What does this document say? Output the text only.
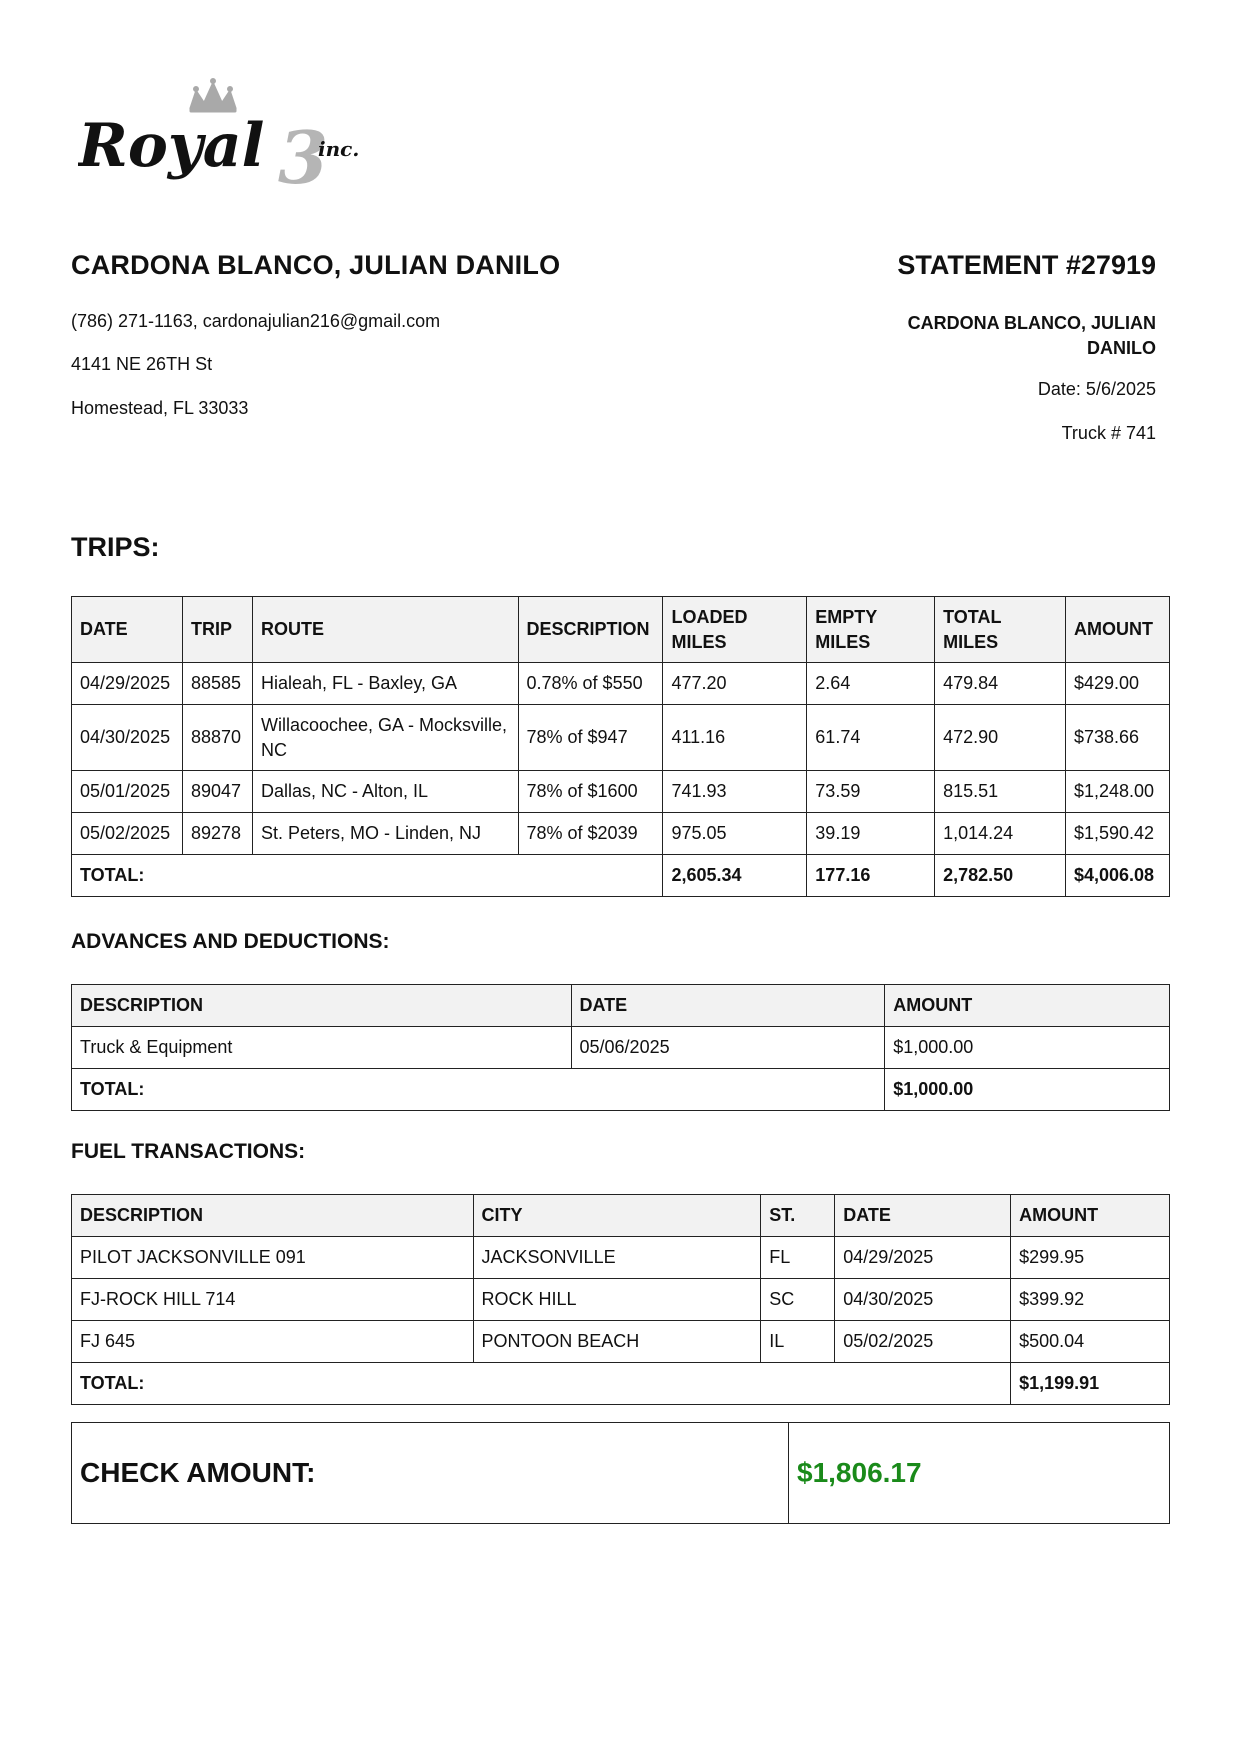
Royal 3
inc.
CARDONA BLANCO, JULIAN DANILO
(786) 271-1163, cardonajulian216@gmail.com
4141 NE 26TH St
Homestead, FL 33033
STATEMENT #27919
CARDONA BLANCO, JULIAN DANILO
Date: 5/6/2025
Truck # 741
TRIPS:
DATE	TRIP	ROUTE	DESCRIPTION	LOADED MILES	EMPTY MILES	TOTAL MILES	AMOUNT
04/29/2025	88585	Hialeah, FL - Baxley, GA	0.78% of $550	477.20	2.64	479.84	$429.00
04/30/2025	88870	Willacoochee, GA - Mocksville, NC	78% of $947	411.16	61.74	472.90	$738.66
05/01/2025	89047	Dallas, NC - Alton, IL	78% of $1600	741.93	73.59	815.51	$1,248.00
05/02/2025	89278	St. Peters, MO - Linden, NJ	78% of $2039	975.05	39.19	1,014.24	$1,590.42
TOTAL:				2,605.34	177.16	2,782.50	$4,006.08
ADVANCES AND DEDUCTIONS:
DESCRIPTION	DATE	AMOUNT
Truck & Equipment	05/06/2025	$1,000.00
TOTAL:		$1,000.00
FUEL TRANSACTIONS:
DESCRIPTION	CITY	ST.	DATE	AMOUNT
PILOT JACKSONVILLE 091	JACKSONVILLE	FL	04/29/2025	$299.95
FJ-ROCK HILL 714	ROCK HILL	SC	04/30/2025	$399.92
FJ 645	PONTOON BEACH	IL	05/02/2025	$500.04
TOTAL:				$1,199.91
CHECK AMOUNT:	$1,806.17
